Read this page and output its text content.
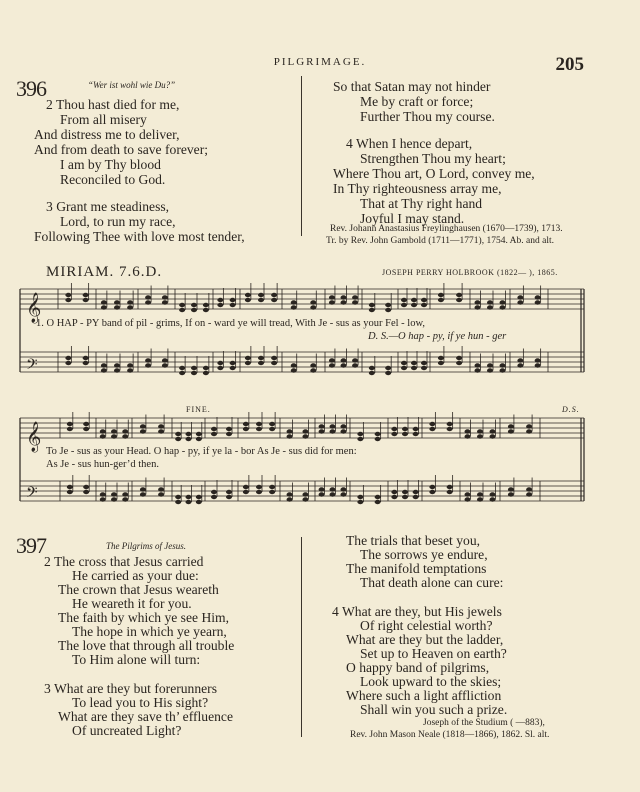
PILGRIMAGE.	205
396	“Wer ist wohl wie Du?”
2 Thou hast died for me,
From all misery
And distress me to deliver,
And from death to save forever;
I am by Thy blood
Reconciled to God.
3 Grant me steadiness,
Lord, to run my race,
Following Thee with love most tender,
So that Satan may not hinder
Me by craft or force;
Further Thou my course.
4 When I hence depart,
Strengthen Thou my heart;
Where Thou art, O Lord, convey me,
In Thy righteousness array me,
That at Thy right hand
Joyful I may stand.
Rev. Johann Anastasius Freylinghausen (1670—1739), 1713.
Tr. by Rev. John Gambold (1711—1771), 1754. Ab. and alt.
MIRIAM. 7.6.D.	JOSEPH PERRY HOLBROOK (1822— ), 1865.
𝄞
𝄢
𝄞
𝄢
FINE.	D.S.
1. O HAP - PY band of pil - grims, If on - ward ye will tread, With Je - sus as your Fel - low,
D. S.—O hap - py, if ye hun - ger
To Je - sus as your Head. O hap - py, if ye la - bor As Je - sus did for men:
As Je - sus hun-ger’d then.
397	The Pilgrims of Jesus.
2 The cross that Jesus carried
He carried as your due:
The crown that Jesus weareth
He weareth it for you.
The faith by which ye see Him,
The hope in which ye yearn,
The love that through all trouble
To Him alone will turn:
3 What are they but forerunners
To lead you to His sight?
What are they save th’ effluence
Of uncreated Light?
The trials that beset you,
The sorrows ye endure,
The manifold temptations
That death alone can cure:
4 What are they, but His jewels
Of right celestial worth?
What are they but the ladder,
Set up to Heaven on earth?
O happy band of pilgrims,
Look upward to the skies;
Where such a light affliction
Shall win you such a prize.
Joseph of the Studium ( —883),
Rev. John Mason Neale (1818—1866), 1862. Sl. alt.
